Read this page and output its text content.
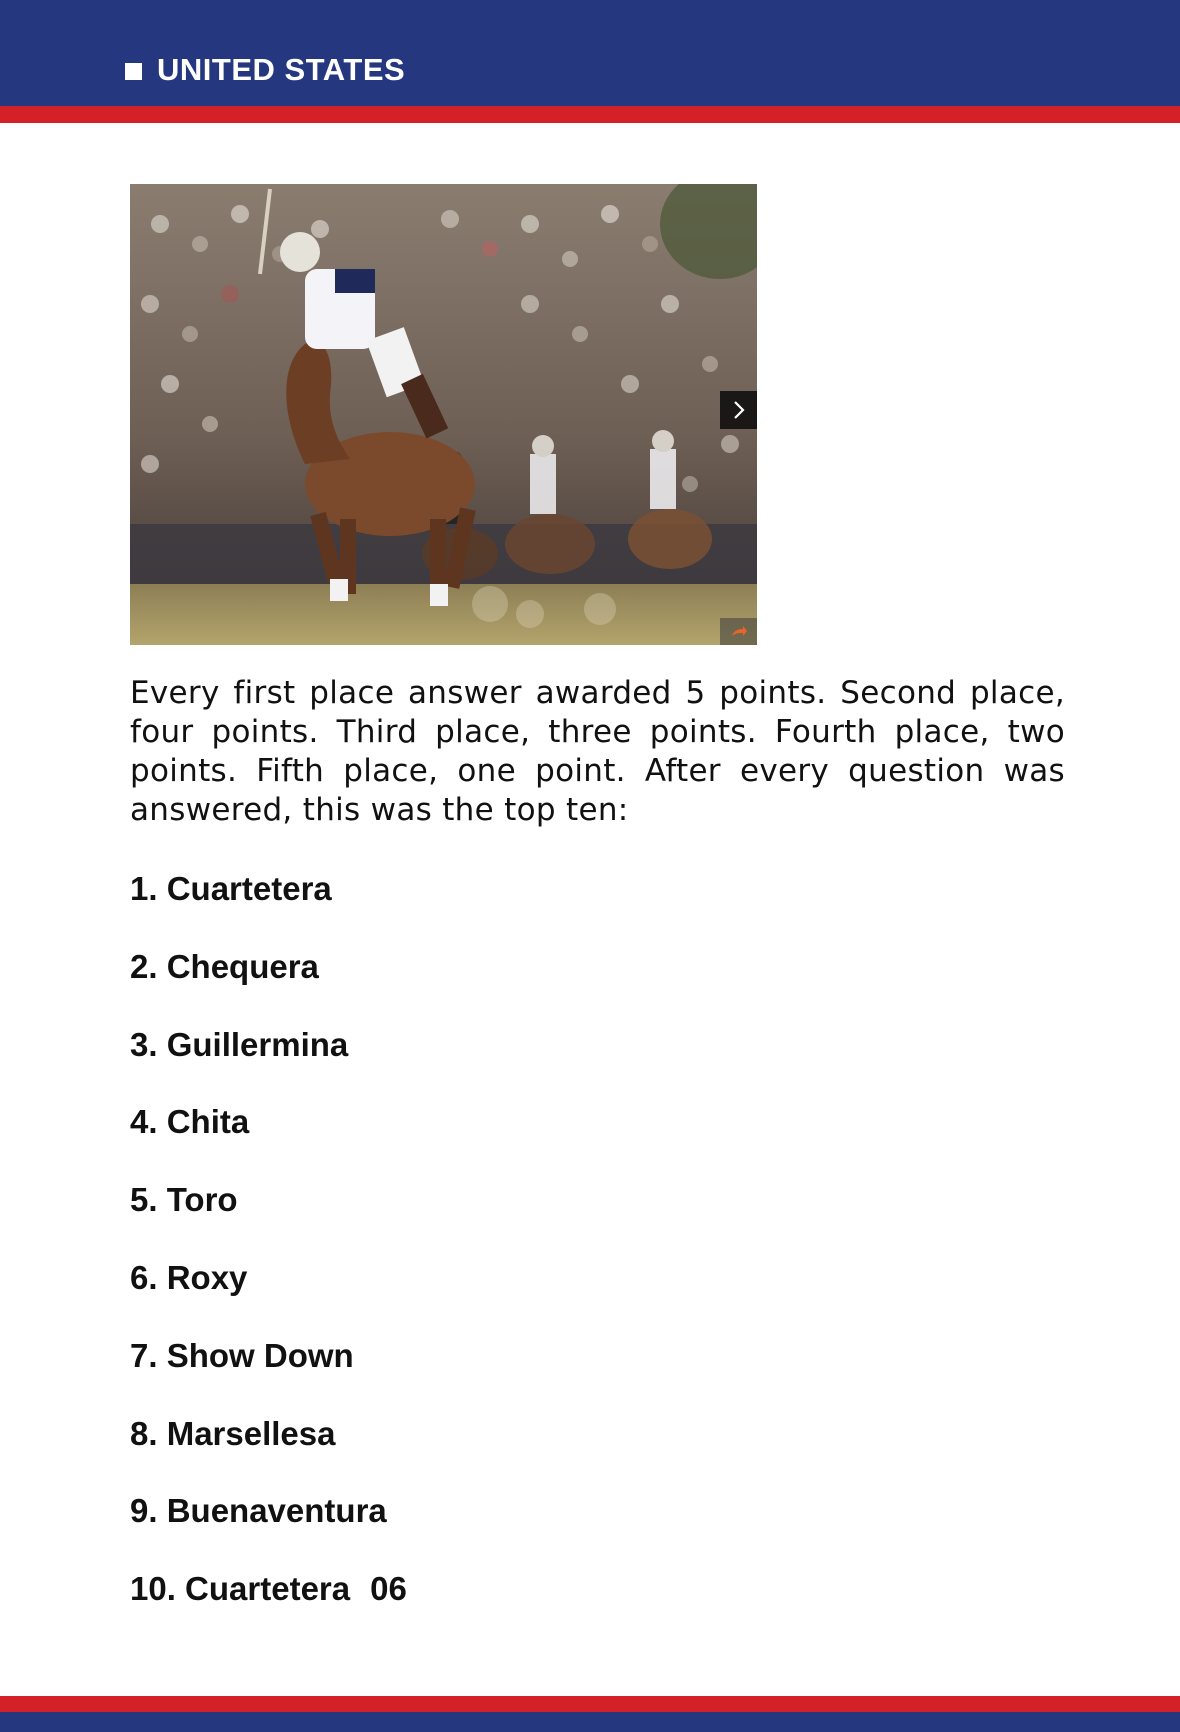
UNITED STATES

Every first place answer awarded 5 points. Second place, four points. Third place, three points. Fourth place, two points. Fifth place, one point. After every question was answered, this was the top ten:

1. Cuartetera
2. Chequera
3. Guillermina
4. Chita
5. Toro
6. Roxy
7. Show Down
8. Marsellesa
9. Buenaventura
10. Cuartetera 06
